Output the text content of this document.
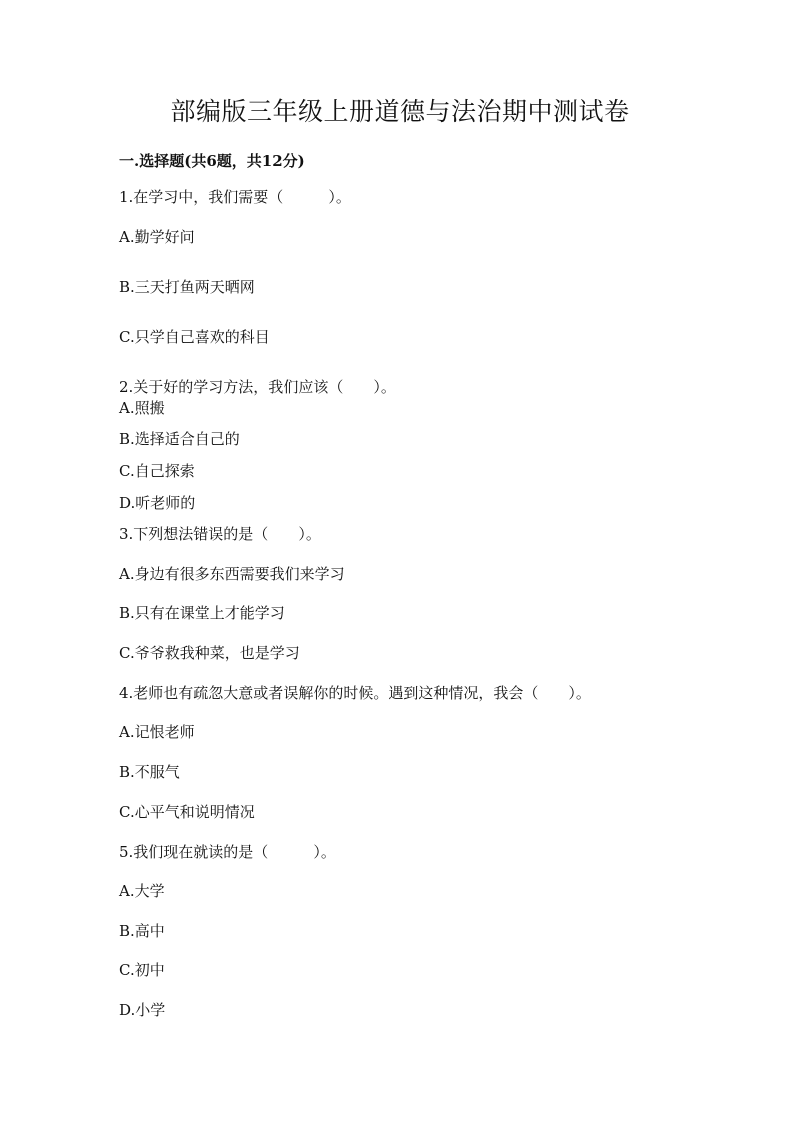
部编版三年级上册道德与法治期中测试卷
一.选择题(共6题，共12分)
1.在学习中，我们需要（　　　）。
A.勤学好问
B.三天打鱼两天晒网
C.只学自己喜欢的科目
2.关于好的学习方法，我们应该（　　）。
A.照搬
B.选择适合自己的
C.自己探索
D.听老师的
3.下列想法错误的是（　　）。
A.身边有很多东西需要我们来学习
B.只有在课堂上才能学习
C.爷爷救我种菜，也是学习
4.老师也有疏忽大意或者误解你的时候。遇到这种情况，我会（　　）。
A.记恨老师
B.不服气
C.心平气和说明情况
5.我们现在就读的是（　　　）。
A.大学
B.高中
C.初中
D.小学
